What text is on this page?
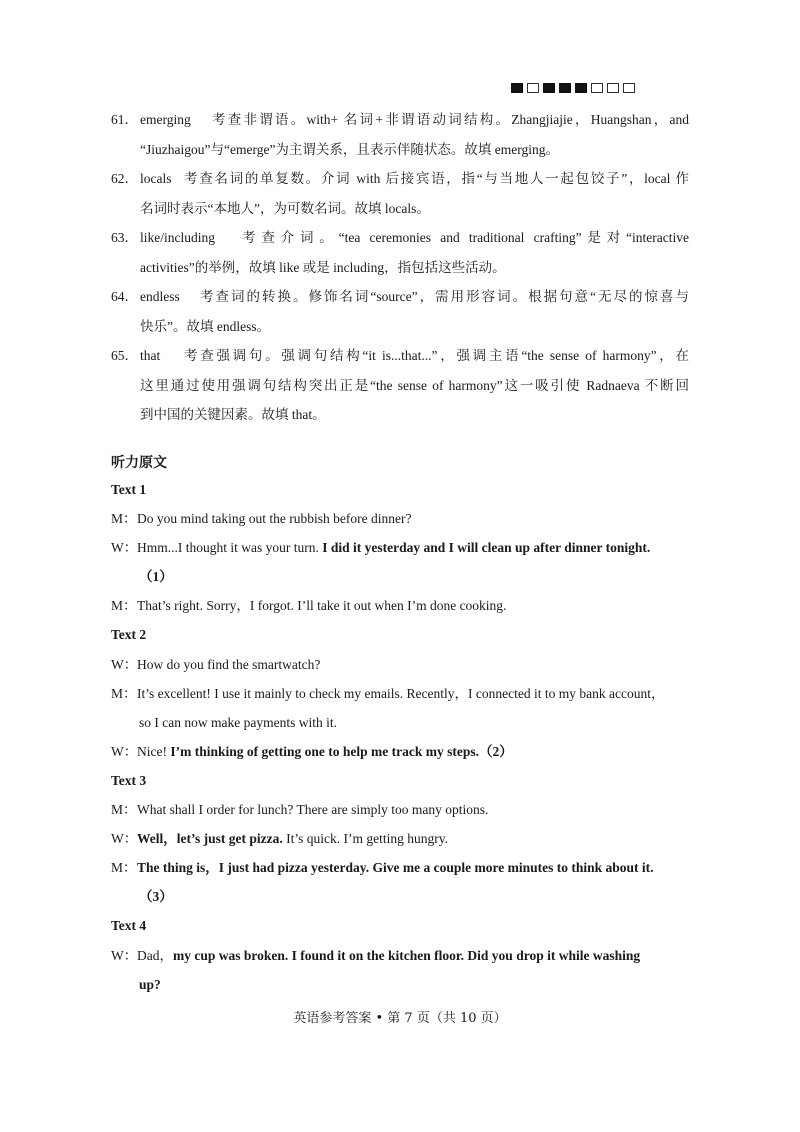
61． emerging	考查非谓语。with+ 名词+非谓语动词结构。Zhangjiajie，Huangshan，and
“Jiuzhaigou”与“emerge”为主谓关系，且表示伴随状态。故填 emerging。
62． locals 考查名词的单复数。介词 with 后接宾语，指“与当地人一起包饺子”，local 作
名词时表示“本地人”，为可数名词。故填 locals。
63． like/including	考查介词。“tea ceremonies and traditional crafting”是对“interactive
activities”的举例，故填 like 或是 including，指包括这些活动。
64． endless	考查词的转换。修饰名词“source”，需用形容词。根据句意“无尽的惊喜与
快乐”。故填 endless。
65． that	考查强调句。强调句结构“it is...that...”，强调主语“the sense of harmony”，在
这里通过使用强调句结构突出正是“the sense of harmony”这一吸引使 Radnaeva 不断回
到中国的关键因素。故填 that。
听力原文
Text 1
M： Do you mind taking out the rubbish before dinner?
W： Hmm...I thought it was your turn. I did it yesterday and I will clean up after dinner tonight.
（1）
M： That’s right. Sorry，I forgot. I’ll take it out when I’m done cooking.
Text 2
W： How do you find the smartwatch?
M： It’s excellent! I use it mainly to check my emails. Recently，I connected it to my bank account，
so I can now make payments with it.
W： Nice! I’m thinking of getting one to help me track my steps.（2）
Text 3
M： What shall I order for lunch? There are simply too many options.
W： Well，let’s just get pizza. It’s quick. I’m getting hungry.
M： The thing is，I just had pizza yesterday. Give me a couple more minutes to think about it.
（3）
Text 4
W： Dad，my cup was broken. I found it on the kitchen floor. Did you drop it while washing
up?
英语参考答案 • 第 7 页（共 10 页）
